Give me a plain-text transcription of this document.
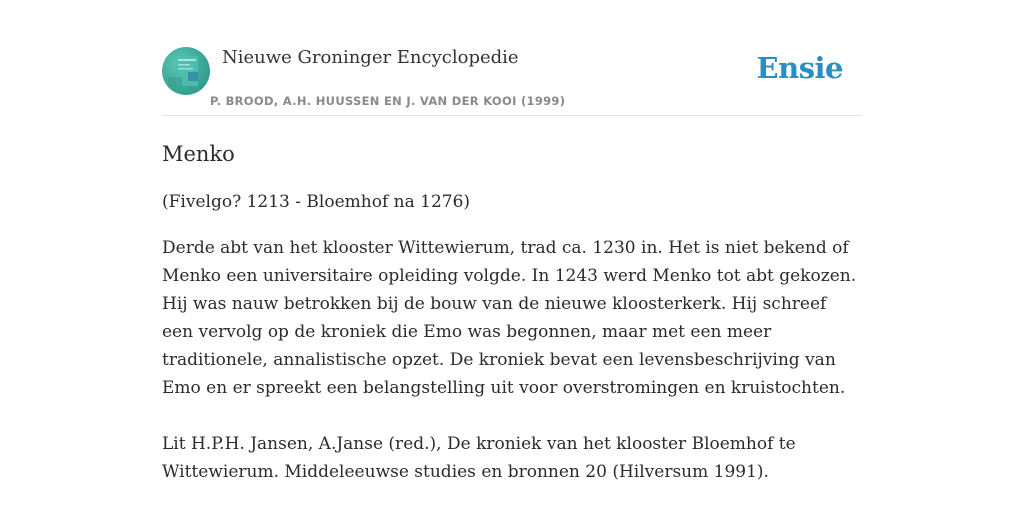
Nieuwe Groninger Encyclopedie
P. BROOD, A.H. HUUSSEN EN J. VAN DER KOOI (1999)
Ensie
Menko

(Fivelgo? 1213 - Bloemhof na 1276)

Derde abt van het klooster Wittewierum, trad ca. 1230 in. Het is niet bekend of Menko een universitaire opleiding volgde. In 1243 werd Menko tot abt gekozen. Hij was nauw betrokken bij de bouw van de nieuwe kloosterkerk. Hij schreef een vervolg op de kroniek die Emo was begonnen, maar met een meer traditionele, annalistische opzet. De kroniek bevat een levensbeschrijving van Emo en er spreekt een belangstelling uit voor overstromingen en kruistochten.

Lit H.P.H. Jansen, A.Janse (red.), De kroniek van het klooster Bloemhof te Wittewierum. Middeleeuwse studies en bronnen 20 (Hilversum 1991).
